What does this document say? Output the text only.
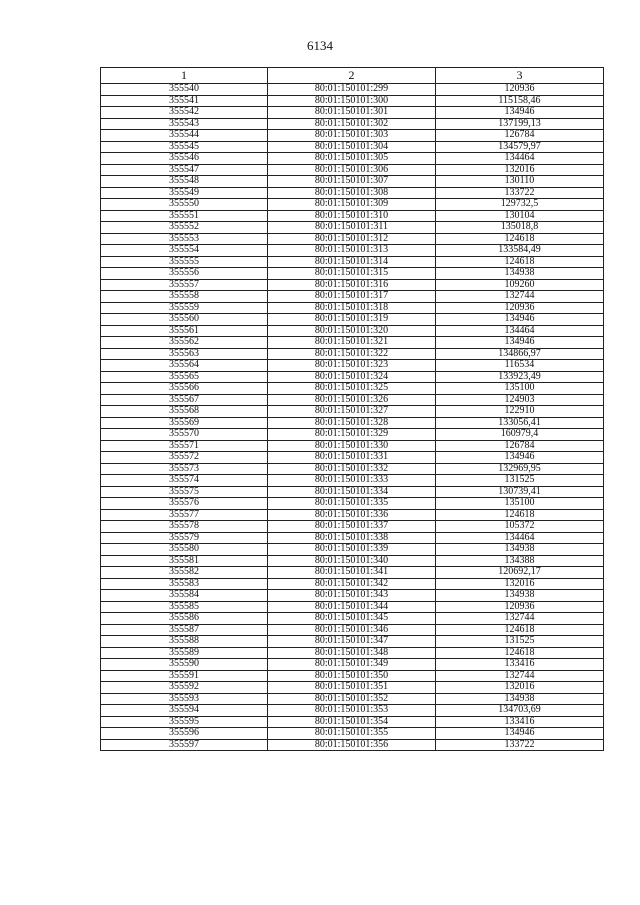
6134
1	2	3
355540	80:01:150101:299	120936
355541	80:01:150101:300	115158,46
355542	80:01:150101:301	134946
355543	80:01:150101:302	137199,13
355544	80:01:150101:303	126784
355545	80:01:150101:304	134579,97
355546	80:01:150101:305	134464
355547	80:01:150101:306	132016
355548	80:01:150101:307	130110
355549	80:01:150101:308	133722
355550	80:01:150101:309	129732,5
355551	80:01:150101:310	130104
355552	80:01:150101:311	135018,8
355553	80:01:150101:312	124618
355554	80:01:150101:313	133584,49
355555	80:01:150101:314	124618
355556	80:01:150101:315	134938
355557	80:01:150101:316	109260
355558	80:01:150101:317	132744
355559	80:01:150101:318	120936
355560	80:01:150101:319	134946
355561	80:01:150101:320	134464
355562	80:01:150101:321	134946
355563	80:01:150101:322	134866,97
355564	80:01:150101:323	116534
355565	80:01:150101:324	133923,49
355566	80:01:150101:325	135100
355567	80:01:150101:326	124903
355568	80:01:150101:327	122910
355569	80:01:150101:328	133056,41
355570	80:01:150101:329	160979,4
355571	80:01:150101:330	126784
355572	80:01:150101:331	134946
355573	80:01:150101:332	132969,95
355574	80:01:150101:333	131525
355575	80:01:150101:334	130739,41
355576	80:01:150101:335	135100
355577	80:01:150101:336	124618
355578	80:01:150101:337	105372
355579	80:01:150101:338	134464
355580	80:01:150101:339	134938
355581	80:01:150101:340	134388
355582	80:01:150101:341	120692,17
355583	80:01:150101:342	132016
355584	80:01:150101:343	134938
355585	80:01:150101:344	120936
355586	80:01:150101:345	132744
355587	80:01:150101:346	124618
355588	80:01:150101:347	131525
355589	80:01:150101:348	124618
355590	80:01:150101:349	133416
355591	80:01:150101:350	132744
355592	80:01:150101:351	132016
355593	80:01:150101:352	134938
355594	80:01:150101:353	134703,69
355595	80:01:150101:354	133416
355596	80:01:150101:355	134946
355597	80:01:150101:356	133722
